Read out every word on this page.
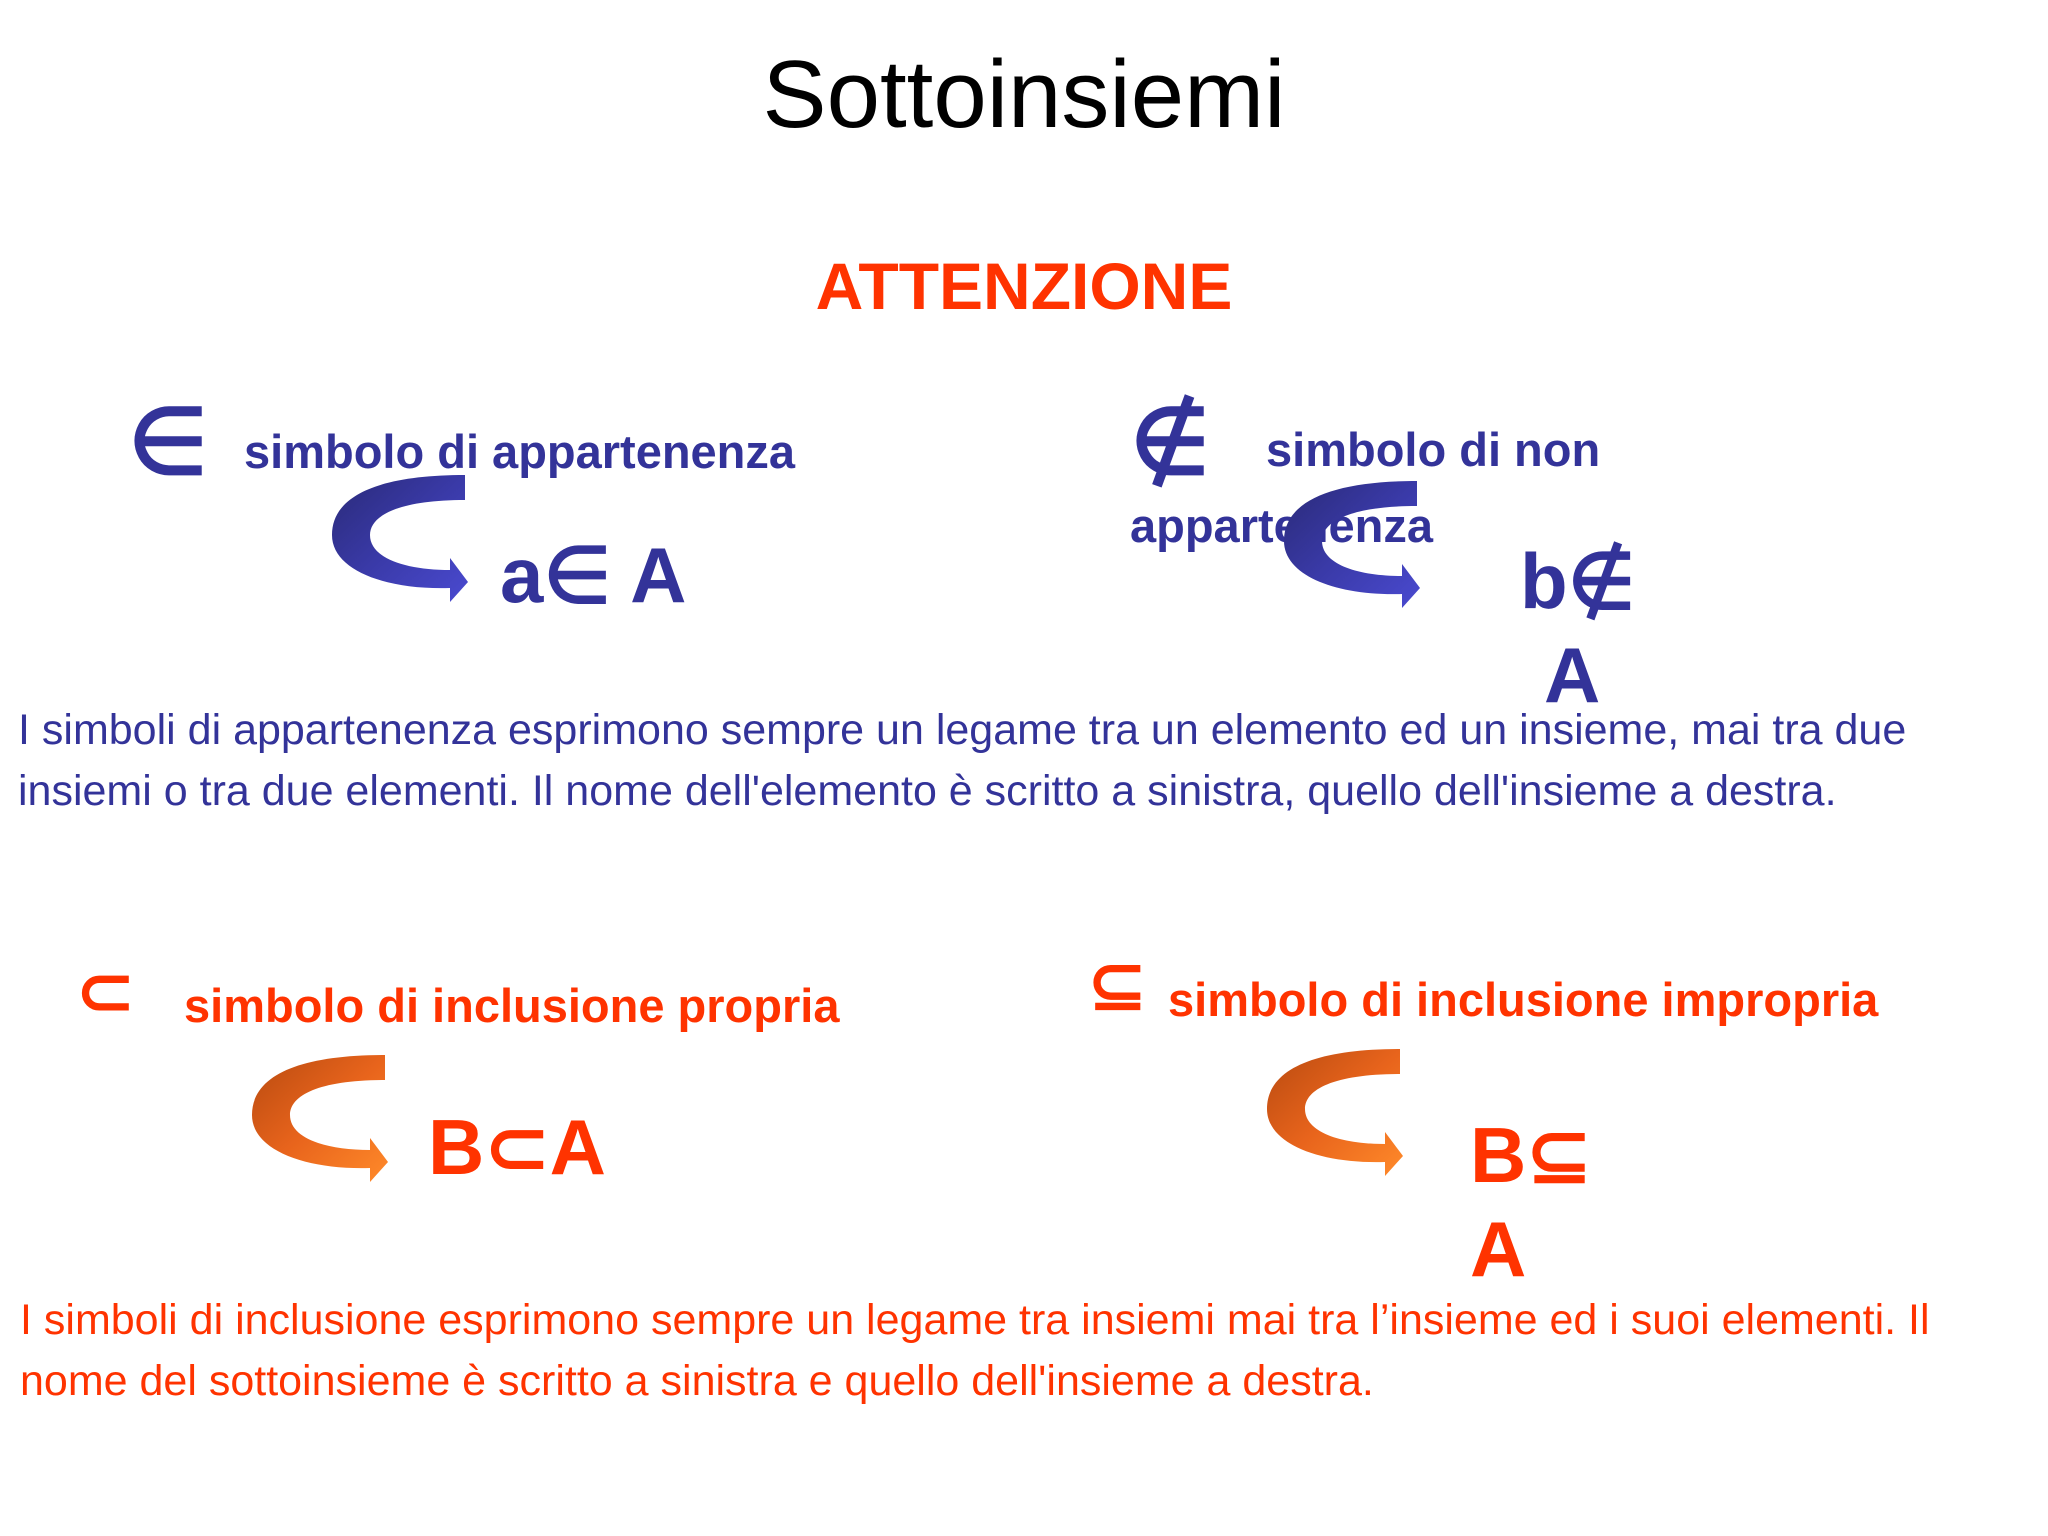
Sottoinsiemi
ATTENZIONE
∈ simbolo di appartenenza
a∈ A
∉ simbolo di non
appartenenza
b∉
A
I simboli di appartenenza esprimono sempre un legame tra un elemento ed un insieme, mai tra due insiemi o tra due elementi. Il nome dell'elemento è scritto a sinistra, quello dell'insieme a destra.
⊂ simbolo di inclusione propria
B⊂A
⊆ simbolo di inclusione impropria
B⊆
A
I simboli di inclusione esprimono sempre un legame tra insiemi mai tra l’insieme ed i suoi elementi. Il nome del sottoinsieme è scritto a sinistra e quello dell'insieme a destra.
